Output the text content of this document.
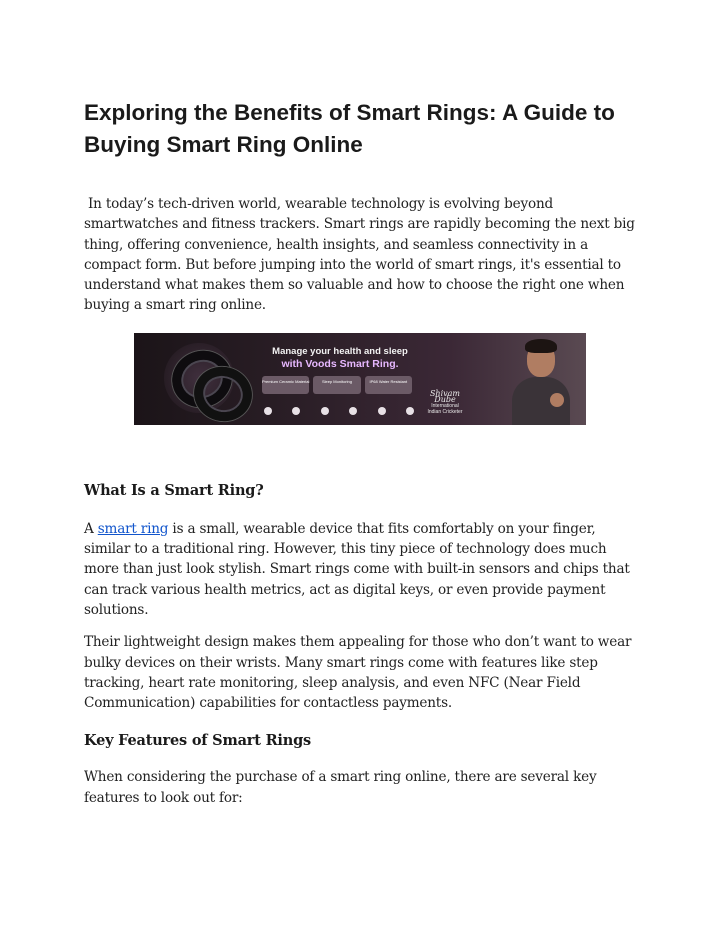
Exploring the Benefits of Smart Rings: A Guide to Buying Smart Ring Online

In today’s tech-driven world, wearable technology is evolving beyond smartwatches and fitness trackers. Smart rings are rapidly becoming the next big thing, offering convenience, health insights, and seamless connectivity in a compact form. But before jumping into the world of smart rings, it's essential to understand what makes them so valuable and how to choose the right one when buying a smart ring online.

Manage your health and sleep
with Voods Smart Ring.
Premium Ceramic Material	Sleep Monitoring	IP68 Water Resistant
Shivam Dube
International
Indian Cricketer
What Is a Smart Ring?

A smart ring is a small, wearable device that fits comfortably on your finger, similar to a traditional ring. However, this tiny piece of technology does much more than just look stylish. Smart rings come with built-in sensors and chips that can track various health metrics, act as digital keys, or even provide payment solutions.

Their lightweight design makes them appealing for those who don’t want to wear bulky devices on their wrists. Many smart rings come with features like step tracking, heart rate monitoring, sleep analysis, and even NFC (Near Field Communication) capabilities for contactless payments.

Key Features of Smart Rings

When considering the purchase of a smart ring online, there are several key features to look out for:
